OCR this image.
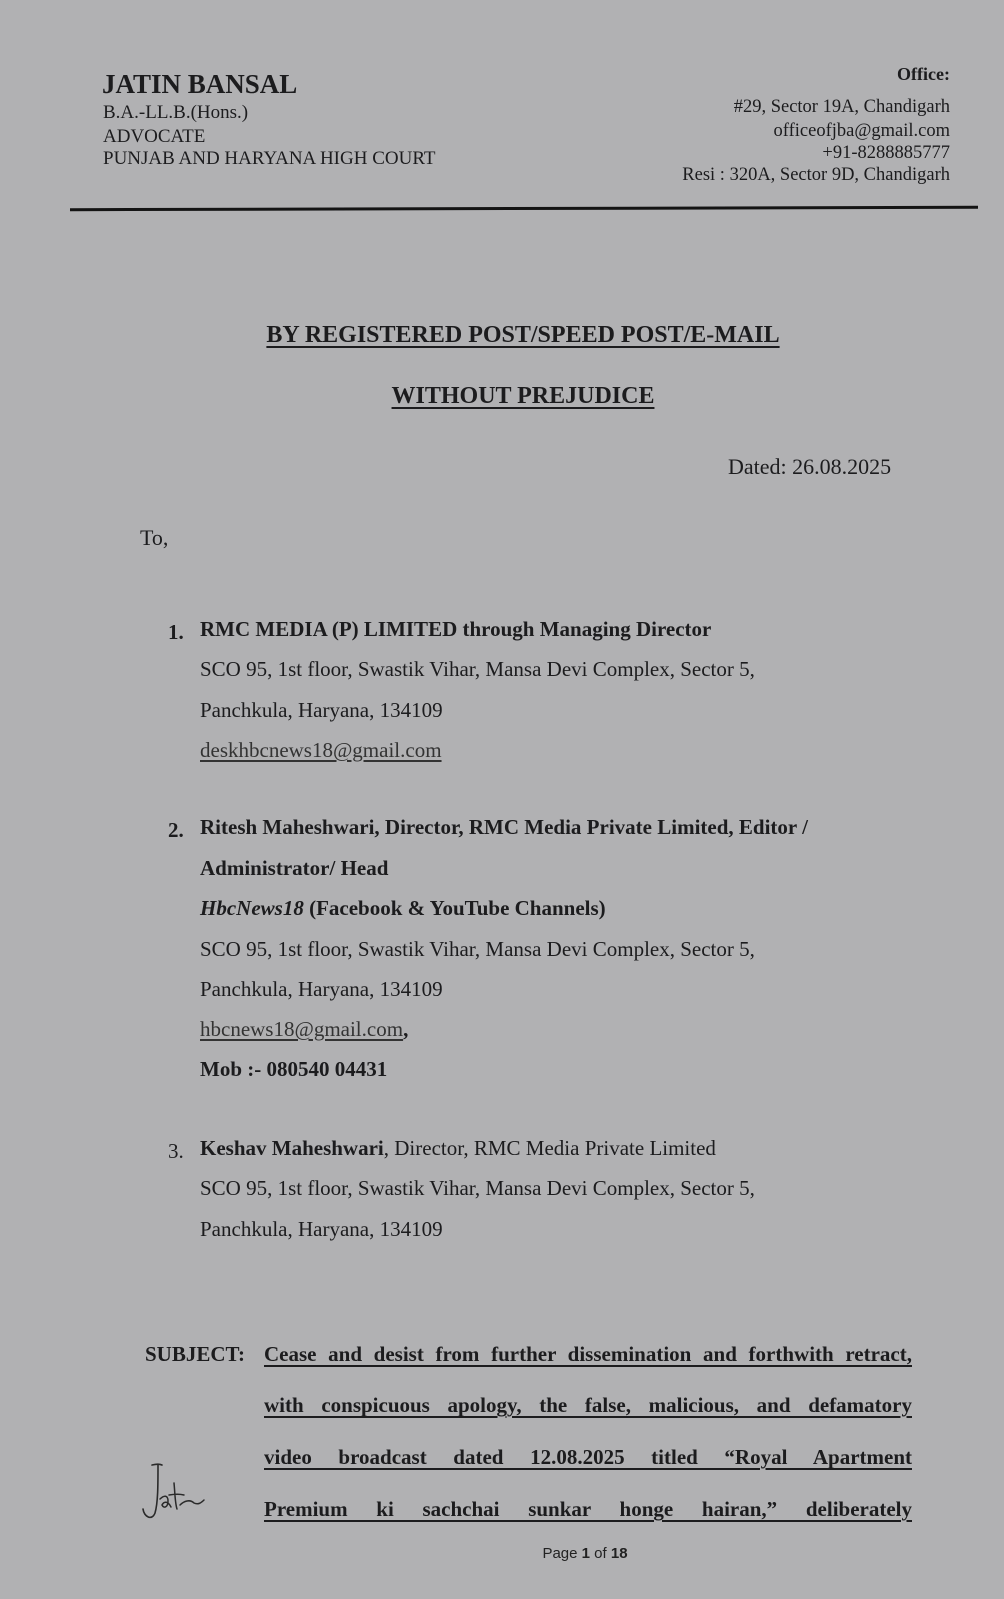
JATIN BANSAL
B.A.-LL.B.(Hons.)
ADVOCATE
PUNJAB AND HARYANA HIGH COURT
Office:
#29, Sector 19A, Chandigarh
officeofjba@gmail.com
+91-8288885777
Resi : 320A, Sector 9D, Chandigarh
BY REGISTERED POST/SPEED POST/E-MAIL
WITHOUT PREJUDICE
Dated: 26.08.2025
To,
1. RMC MEDIA (P) LIMITED through Managing Director
SCO 95, 1st floor, Swastik Vihar, Mansa Devi Complex, Sector 5,
Panchkula, Haryana, 134109
deskhbcnews18@gmail.com
2. Ritesh Maheshwari, Director, RMC Media Private Limited, Editor /
Administrator/ Head
HbcNews18 (Facebook & YouTube Channels)
SCO 95, 1st floor, Swastik Vihar, Mansa Devi Complex, Sector 5,
Panchkula, Haryana, 134109
hbcnews18@gmail.com,
Mob :- 080540 04431
3. Keshav Maheshwari, Director, RMC Media Private Limited
SCO 95, 1st floor, Swastik Vihar, Mansa Devi Complex, Sector 5,
Panchkula, Haryana, 134109
SUBJECT: Cease and desist from further dissemination and forthwith retract,
with conspicuous apology, the false, malicious, and defamatory
video broadcast dated 12.08.2025 titled “Royal Apartment
Premium ki sachchai sunkar honge hairan,” deliberately
Page 1 of 18
